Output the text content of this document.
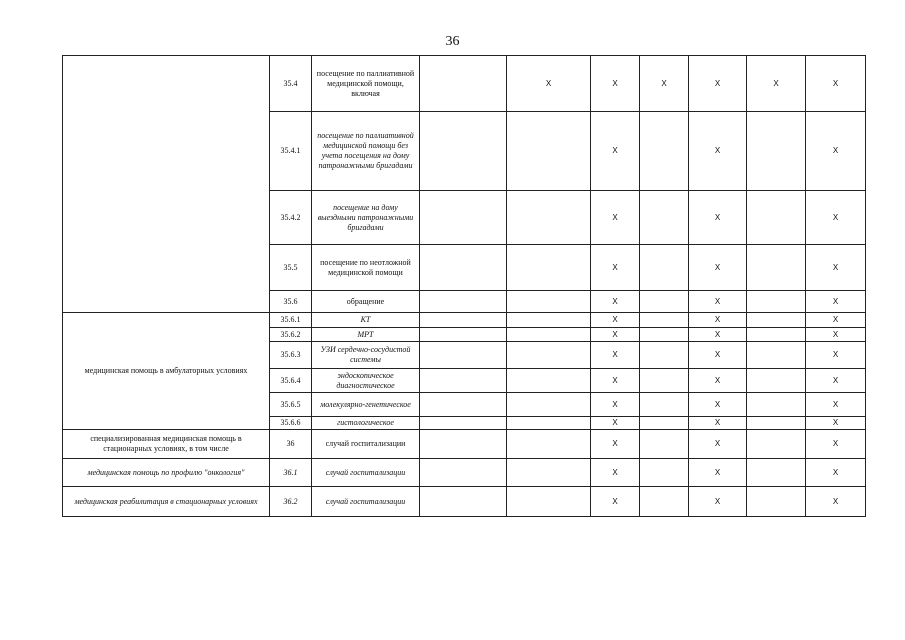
36
	35.4	посещение по паллиативной медицинской помощи, включая		X	X	X	X	X	X
	35.4.1	посещение по паллиативной медицинской помощи без учета посещения на дому патронажными бригадами			X		X		X
	35.4.2	посещение на дому выездными патронажными бригадами			X		X		X
	35.5	посещение по неотложной медицинской помощи			X		X		X
	35.6	обращение			X		X		X
медицинская помощь в амбулаторных условиях	35.6.1	КТ			X		X		X
	35.6.2	МРТ			X		X		X
	35.6.3	УЗИ сердечно-сосудистой системы			X		X		X
	35.6.4	эндоскопическое диагностическое			X		X		X
	35.6.5	молекулярно-генетическое			X		X		X
	35.6.6	гистологическое			X		X		X
специализированная медицинская помощь в стационарных условиях, в том числе	36	случай госпитализации			X		X		X
медицинская помощь по профилю "онкология"	36.1	случай госпитализации			X		X		X
медицинская реабилитация в стационарных условиях	36.2	случай госпитализации			X		X		X
